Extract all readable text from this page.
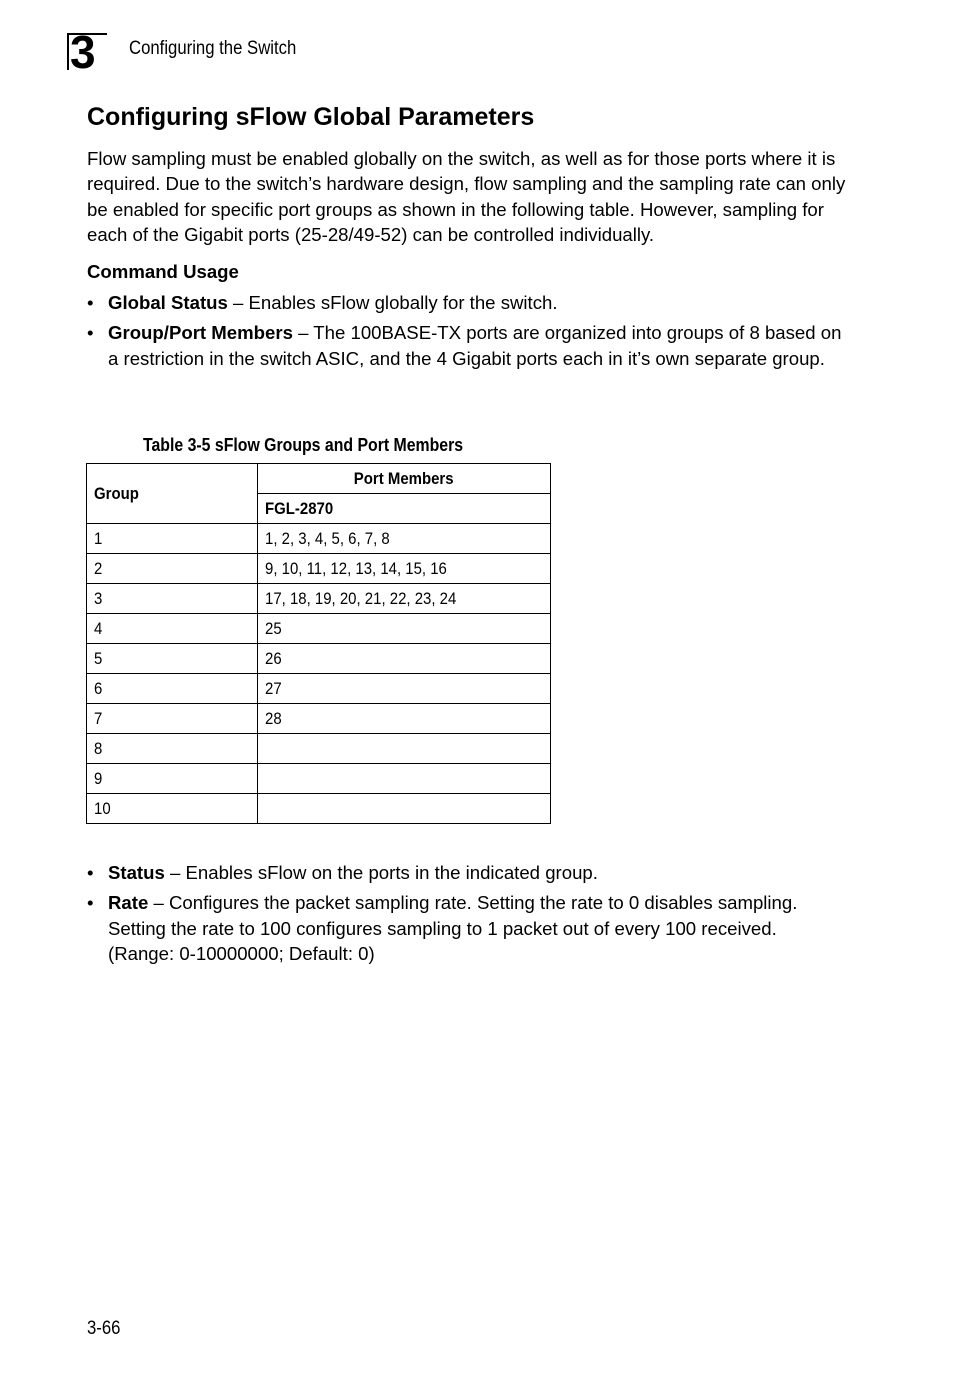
3 Configuring the Switch
Configuring sFlow Global Parameters

Flow sampling must be enabled globally on the switch, as well as for those ports where it is required. Due to the switch’s hardware design, flow sampling and the sampling rate can only be enabled for specific port groups as shown in the following table. However, sampling for each of the Gigabit ports (25-28/49-52) can be controlled individually.

Command Usage
• Global Status – Enables sFlow globally for the switch.
• Group/Port Members – The 100BASE-TX ports are organized into groups of 8 based on a restriction in the switch ASIC, and the 4 Gigabit ports each in it’s own separate group.
Table 3-5 sFlow Groups and Port Members
Group	Port Members
	FGL-2870
1	1, 2, 3, 4, 5, 6, 7, 8
2	9, 10, 11, 12, 13, 14, 15, 16
3	17, 18, 19, 20, 21, 22, 23, 24
4	25
5	26
6	27
7	28
8	
9	
10	
• Status – Enables sFlow on the ports in the indicated group.
• Rate – Configures the packet sampling rate. Setting the rate to 0 disables sampling. Setting the rate to 100 configures sampling to 1 packet out of every 100 received. (Range: 0-10000000; Default: 0)
3-66
